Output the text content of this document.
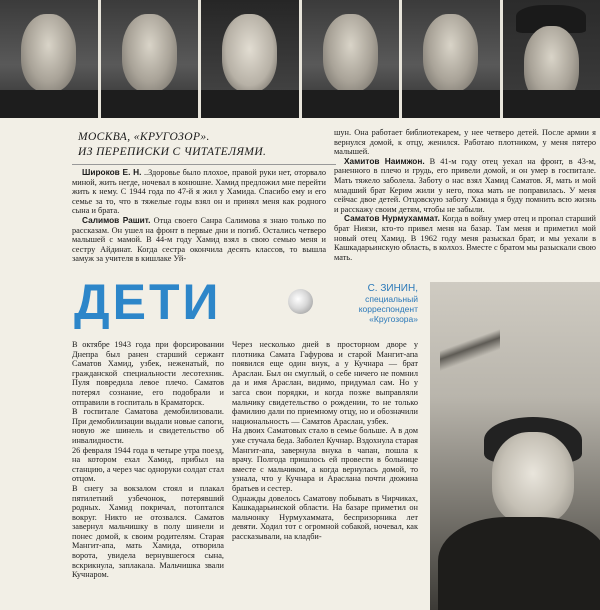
МОСКВА, «КРУГОЗОР».
ИЗ ПЕРЕПИСКИ С ЧИТАТЕЛЯМИ.

Широков Е. Н. ..Здоровье было плохое, правой руки нет, оторвало миной, жить негде, ночевал в конюшне. Хамид предложил мне перейти жить к нему. С 1944 года по 47-й я жил у Хамида. Спасибо ему и его семье за то, что в тяжелые годы взял он и принял меня как родного сына и брата.

Салимов Рашит. Отца своего Санра Салимова я знаю только по рассказам. Он ушел на фронт в первые дни и погиб. Остались четверо малышей с мамой. В 44-м году Хамид взял в свою семью меня и сестру Айдинат. Когда сестра окончила десять классов, то вышла замуж за учителя в кишлаке Уй-

шун. Она работает библиотекарем, у нее четверо детей. После армии я вернулся домой, к отцу, женился. Работаю плотником, у меня пятеро малышей.

Хамитов Наимжон. В 41-м году отец уехал на фронт, в 43-м, раненного в плечо и грудь, его привели домой, и он умер в госпитале. Мать тяжело заболела. Заботу о нас взял Хамид Саматов. Я, мать и мой младший брат Керим жили у него, пока мать не поправилась. У меня сейчас двое детей. Отцовскую заботу Хамида я буду помнить всю жизнь и расскажу своим детям, чтобы не забыли.

Саматов Нурмухаммат. Когда в войну умер отец и пропал старший брат Ниязи, кто-то привел меня на базар. Там меня и приметил мой новый отец Хамид. В 1962 году меня разыскал брат, и мы уехали в Кашкадарьинскую область, в колхоз. Вместе с братом мы разыскали свою мать.

ДЕТИ	С. ЗИНИН,
специальный корреспондент «Кругозора»
В октябре 1943 года при форсировании Днепра был ранен старший сержант Саматов Хамид, узбек, неженатый, по гражданской специальности лесотехник. Пуля повредила левое плечо. Саматов потерял сознание, его подобрали и отправили в госпиталь в Краматорск.
В госпитале Саматова демобилизовали. При демобилизации выдали новые сапоги, новую же шинель и свидетельство об инвалидности.
26 февраля 1944 года в четыре утра поезд, на котором ехал Хамид, прибыл на станцию, а через час одноруки солдат стал отцом.
В снегу за вокзалом стоял и плакал пятилетний узбечонок, потерявший родных. Хамид покричал, потоптался вокруг. Никто не отозвался. Саматов завернул мальчишку в полу шинели и понес домой, к своим родителям. Старая Мангит-апа, мать Хамида, отворила ворота, увидела вернувшегося сына, вскрикнула, заплакала. Мальчишка звали Кучнаром.
Через несколько дней в просторном дворе у плотника Самата Гафурова и старой Мангит-апа появился еще один внук, а у Кучнара — брат Арaслан. Был он смуглый, о себе ничего не помнил да и имя Арaслан, видимо, придумал сам. Но у загса свои порядки, и когда позже выправляли мальчику свидетельство о рождении, то не только фамилию дали по приемному отцу, но и обозначили национальность — Саматов Арaслан, узбек.
На двоих Саматовых стало в семье больше. А в дом уже стучала беда. Заболел Кучнар. Вздохнула старая Мангит-апа, завернула внука в чапан, пошла к врачу. Полгода пришлось ей провести в больнице вместе с мальчиком, а когда вернулась домой, то узнала, что у Кучнара и Арaслана почти дюжина братьев и сестер.
Однажды довелось Саматову побывать в Чирчиках, Кашкадарьинской области. На базаре приметил он мальчонку Нурмухаммата, беспризорника лет девяти. Ходил тот с огромной собакой, ночевал, как рассказывали, на кладби-
